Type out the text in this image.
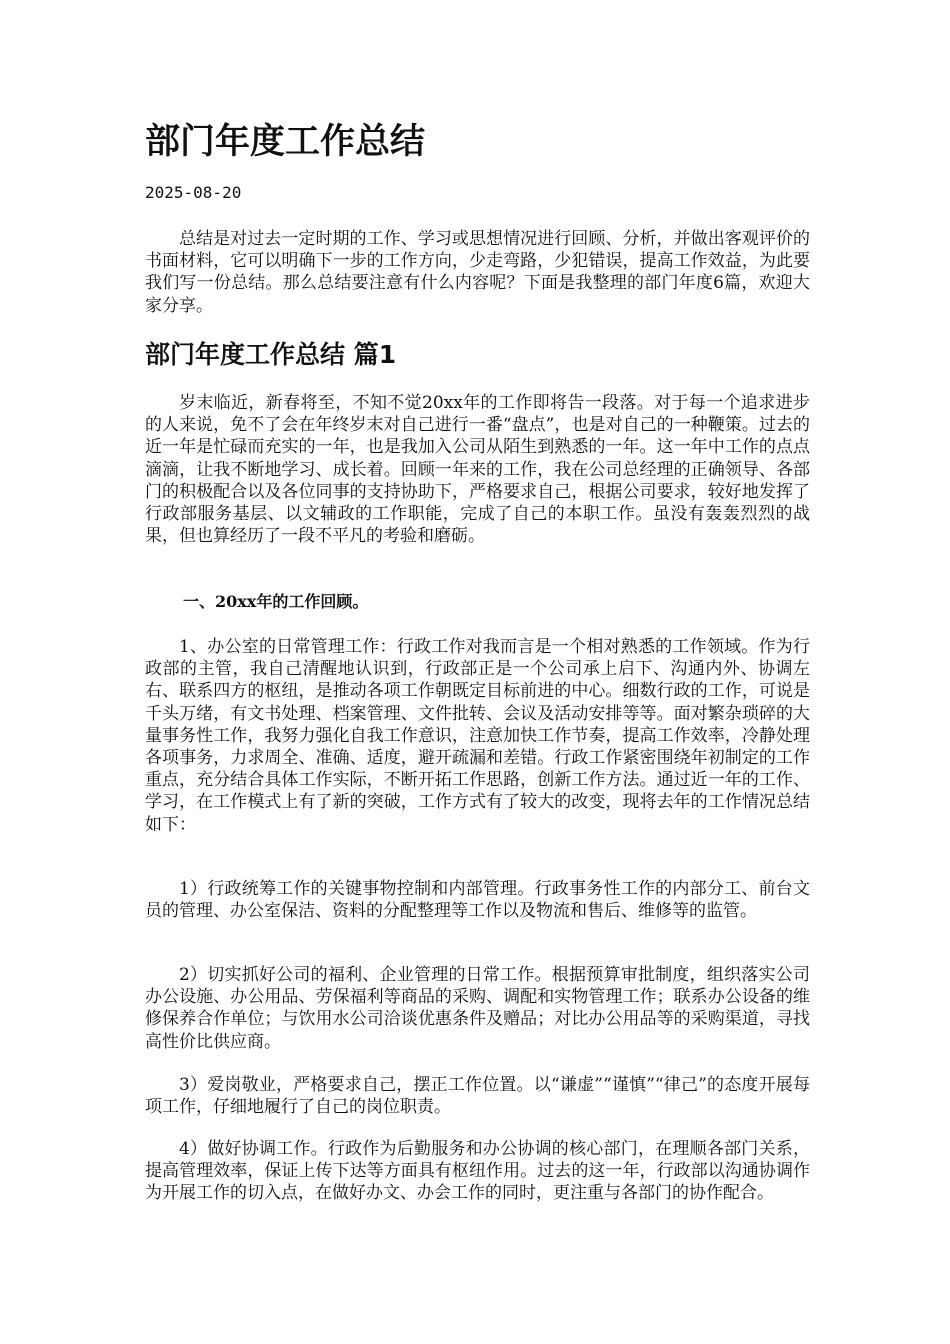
部门年度工作总结
2025-08-20

总结是对过去一定时期的工作、学习或思想情况进行回顾、分析，并做出客观评价的书面材料，它可以明确下一步的工作方向，少走弯路，少犯错误，提高工作效益，为此要我们写一份总结。那么总结要注意有什么内容呢？下面是我整理的部门年度6篇，欢迎大家分享。

部门年度工作总结 篇1

岁末临近，新春将至，不知不觉20xx年的工作即将告一段落。对于每一个追求进步的人来说，免不了会在年终岁末对自己进行一番“盘点”，也是对自己的一种鞭策。过去的近一年是忙碌而充实的一年，也是我加入公司从陌生到熟悉的一年。这一年中工作的点点滴滴，让我不断地学习、成长着。回顾一年来的工作，我在公司总经理的正确领导、各部门的积极配合以及各位同事的支持协助下，严格要求自己，根据公司要求，较好地发挥了行政部服务基层、以文辅政的工作职能，完成了自己的本职工作。虽没有轰轰烈烈的战果，但也算经历了一段不平凡的考验和磨砺。

一、20xx年的工作回顾。

1、办公室的日常管理工作：行政工作对我而言是一个相对熟悉的工作领域。作为行政部的主管，我自己清醒地认识到，行政部正是一个公司承上启下、沟通内外、协调左右、联系四方的枢纽，是推动各项工作朝既定目标前进的中心。细数行政的工作，可说是千头万绪，有文书处理、档案管理、文件批转、会议及活动安排等等。面对繁杂琐碎的大量事务性工作，我努力强化自我工作意识，注意加快工作节奏，提高工作效率，冷静处理各项事务，力求周全、准确、适度，避开疏漏和差错。行政工作紧密围绕年初制定的工作重点，充分结合具体工作实际，不断开拓工作思路，创新工作方法。通过近一年的工作、学习，在工作模式上有了新的突破，工作方式有了较大的改变，现将去年的工作情况总结如下：

1）行政统筹工作的关键事物控制和内部管理。行政事务性工作的内部分工、前台文员的管理、办公室保洁、资料的分配整理等工作以及物流和售后、维修等的监管。

2）切实抓好公司的福利、企业管理的日常工作。根据预算审批制度，组织落实公司办公设施、办公用品、劳保福利等商品的采购、调配和实物管理工作；联系办公设备的维修保养合作单位；与饮用水公司洽谈优惠条件及赠品；对比办公用品等的采购渠道，寻找高性价比供应商。

3）爱岗敬业，严格要求自己，摆正工作位置。以“谦虚”“谨慎”“律己”的态度开展每项工作，仔细地履行了自己的岗位职责。

4）做好协调工作。行政作为后勤服务和办公协调的核心部门，在理顺各部门关系，提高管理效率，保证上传下达等方面具有枢纽作用。过去的这一年，行政部以沟通协调作为开展工作的切入点，在做好办文、办会工作的同时，更注重与各部门的协作配合。
